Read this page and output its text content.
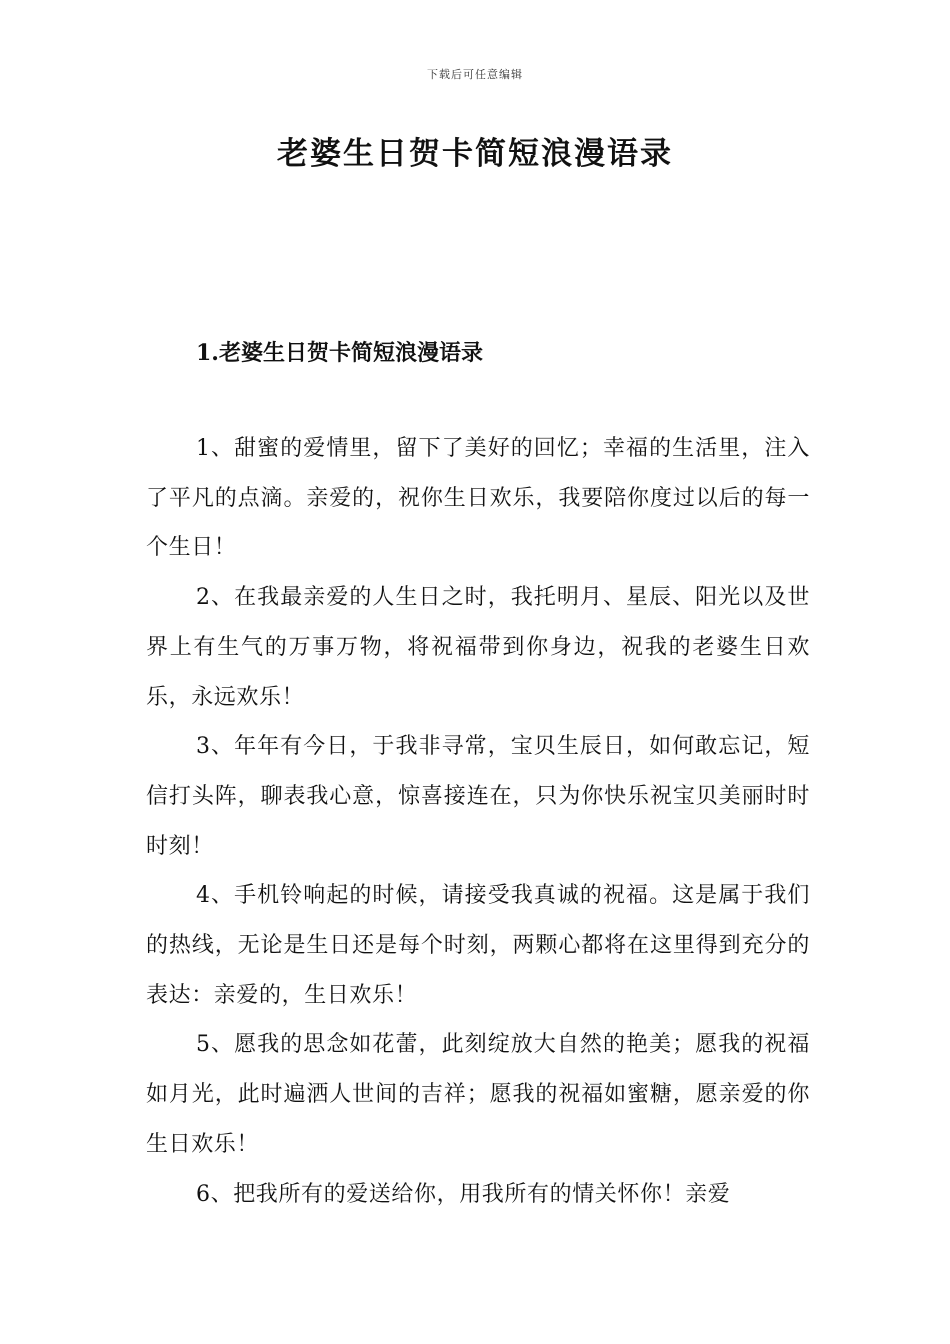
下载后可任意编辑
老婆生日贺卡简短浪漫语录
1.老婆生日贺卡简短浪漫语录

1、甜蜜的爱情里，留下了美好的回忆；幸福的生活里，注入了平凡的点滴。亲爱的，祝你生日欢乐，我要陪你度过以后的每一个生日！

2、在我最亲爱的人生日之时，我托明月、星辰、阳光以及世界上有生气的万事万物，将祝福带到你身边，祝我的老婆生日欢乐，永远欢乐！

3、年年有今日，于我非寻常，宝贝生辰日，如何敢忘记，短信打头阵，聊表我心意，惊喜接连在，只为你快乐祝宝贝美丽时时时刻！

4、手机铃响起的时候，请接受我真诚的祝福。这是属于我们的热线，无论是生日还是每个时刻，两颗心都将在这里得到充分的表达：亲爱的，生日欢乐！

5、愿我的思念如花蕾，此刻绽放大自然的艳美；愿我的祝福如月光，此时遍洒人世间的吉祥；愿我的祝福如蜜糖，愿亲爱的你生日欢乐！

6、把我所有的爱送给你，用我所有的情关怀你！亲爱
